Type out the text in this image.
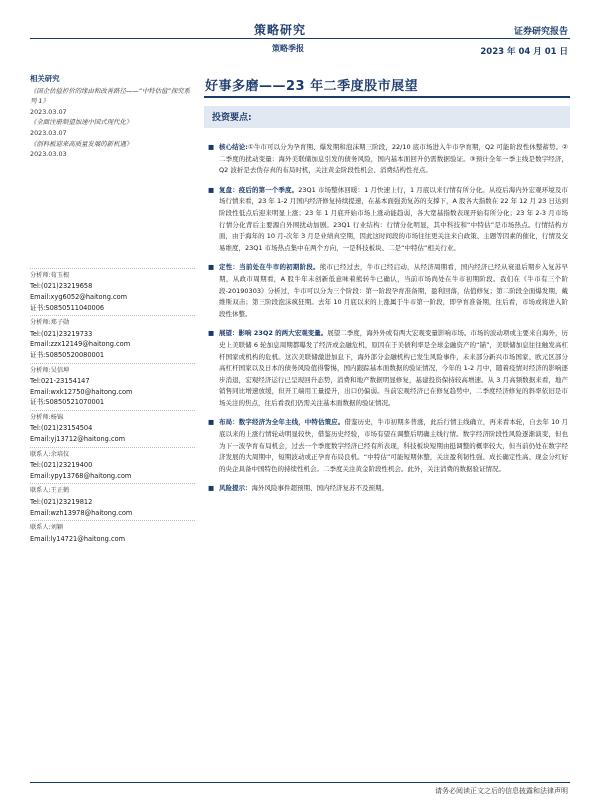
策略研究
策略季报
证券研究报告
2023 年 04 月 01 日
相关研究
《国企估值折价的缘由和改善路径——“中特估值”探究系列 1》
2023.03.07
《全面注册制望加速中国式现代化》
2023.03.07
《创科板迎来高质量发展的新机遇》
2023.03.03
分析师:荀玉根
Tel:(021)23219658
Email:xyg6052@haitong.com
证书:S0850511040006
分析师:郑子勋
Tel:(021)23219733
Email:zzx12149@haitong.com
证书:S0850520080001
分析师:吴信坤
Tel:021-23154147
Email:wxk12750@haitong.com
证书:S0850521070001
分析师:杨锦
Tel:(021)23154504
Email:yj13712@haitong.com
联系人:余培仪
Tel:(021)23219400
Email:ypy13768@haitong.com
联系人:王正鹤
Tel:(021)23219812
Email:wzh13978@haitong.com
联系人:刘颖
Email:ly14721@haitong.com
好事多磨——23 年二季度股市展望
投资要点:
■ 核心结论:①牛市可以分为孕育期、爆发期和泡沫期三阶段，22/10 底市场进入牛市孕育期，Q2 可能阶段性休整蓄势。②二季度的扰动变量：海外美联储加息引发的债务风险，国内基本面回升仍需数据验证。③预计全年一季主线是数字经济，Q2 波折是去伪存真的布局时机，关注黄金阶段性机会、消费结构性亮点。
■ 复盘：疫后的第一个季度。23Q1 市场整体回暖：1 月快速上行，1 月底以来行情有所分化。从疫后海内外宏观环境及市场行情来看，23 年 1-2 月国内经济修复持续提速，在基本面强劲复苏的支撑下，A 股各大指数在 22 年 12 月 23 日达到阶段性低点后迎来明显上涨；23 年 1 月底开始市场上涨动能趋弱，各大宽基指数表现开始有所分化；23 年 2-3 月市场行情分化背后主要源自外围扰动加剧。23Q1 行业结构：行情分化明显，其中科技和“中特估”是市场热点。行情结构方面，由于海年的 10 月-次年 3 月是业绩真空期，因此这时间段的市场往往更关注来自政策、主题等因素的催化，行情及交易维度，23Q1 市场热点集中在两个方向，一是科技板块、二是“中特估”相关行业。
■ 定性：当前处在牛市的初期阶段。熊市已经过去，牛市已经启动，从经济周期看，国内经济已经从衰退后期步入复苏早期，从政市周期看，A 股牛年未创新低意味着熊转牛已确认，当前市场尚处在牛市初期阶段。我们在《牛市有三个阶段-20190303》分析过，牛市可以分为三个阶段：第一阶段孕育准备期，盈利回落，估值修复；第二阶段全面爆发期，戴维斯双击；第三阶段泡沫疯狂期。去年 10 月底以来的上涨属于牛市第一阶段，即孕育准备期，往后看，市场或将进入阶段性休整。
■ 展望：影响 23Q2 的两大宏观变量。展望二季度，海外外或有两大宏观变量影响市场。市场的波动项或主要来自海外，历史上美联储 6 轮加息周期都曝发了经济或金融危机，原因在于美债利率是全球金融资产的“锚”，美联储加息往往触发高杠杆国家或机构的危机。这次美联储激进加息下，海外部分金融机构已发生风险事件，未来部分新兴市场国家、欧元区部分高杠杆国家以及日本的债务风险值得警惕，国内跟踪基本面数据的验证情况，今年的 1-2 月中，随着疫情对经济的影响逐步消退，宏观经济运行已呈现回升态势，消费和地产数据明显修复，基建投资保持较高增速。从 3 月高频数据来看，地产销售同比增速放缓，但开工端用工量提升，出口仍偏弱。当前宏观经济已在修复趋势中，二季度经济修复的斜率依旧是市场关注的焦点，往后看我们仍需关注基本面数据的验证情况。
■ 布局：数字经济为全年主线，中特估策应。借鉴历史，牛市初期多普涨，此后行情主线确立，再来看本轮，自去年 10 月底以来的上涨行情轮动明显较快，借鉴历史经验，市场有望在调整后明确主线行情。数字经济阶段性风险逐渐演变，但也为下一波孕育布局机会，过去一个季度数字经济已经有所表现，科技板块短期由挺调整的概率较大，但当前仍处在数字经济发展的大周期中，短期波动或正孕育布局良机。“中特估”可能短期休整，关注盈利韧性强、成长确定性高、现金分红好的央企具备中国特色的持续性机会。二季度关注黄金阶段性机会。此外，关注消费的数据验证情况。
■ 风险提示：海外风险事件超预期、国内经济复苏不及预期。
请务必阅读正文之后的信息披露和法律声明
